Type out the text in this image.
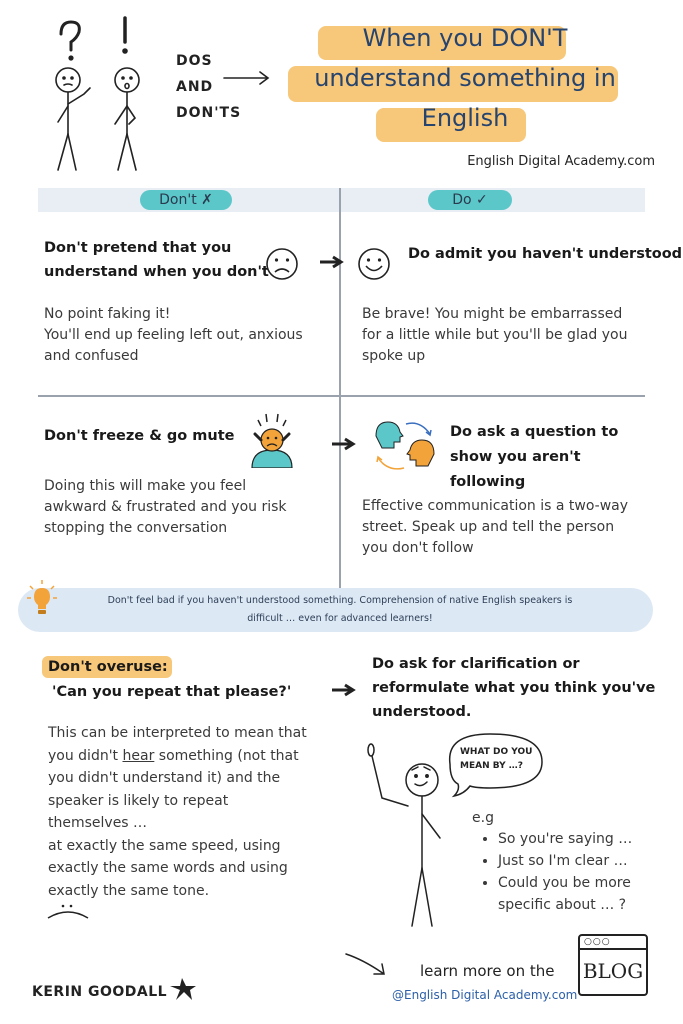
DOS
AND
DON'TS
When you DON'T
understand something in
English
English Digital Academy.com
Don't ✗	Do ✓
Don't pretend that you
understand when you don't
No point faking it!
You'll end up feeling left out, anxious
and confused
Do admit you haven't understood
Be brave! You might be embarrassed
for a little while but you'll be glad you
spoke up
Don't freeze & go mute
Doing this will make you feel
awkward & frustrated and you risk
stopping the conversation
Do ask a question to
show you aren't
following
Effective communication is a two-way
street. Speak up and tell the person
you don't follow
Don't feel bad if you haven't understood something. Comprehension of native English speakers is
difficult … even for advanced learners!
Don't overuse:
'Can you repeat that please?'
This can be interpreted to mean that
you didn't hear something (not that
you didn't understand it) and the
speaker is likely to repeat
themselves …
at exactly the same speed, using
exactly the same words and using
exactly the same tone.
Do ask for clarification or
reformulate what you think you've
understood.
WHAT DO YOU
MEAN BY …?
e.g
• So you're saying …
• Just so I'm clear …
• Could you be more
specific about … ?
KERIN GOODALL
learn more on the
@English Digital Academy.com
○○○
BLOG
